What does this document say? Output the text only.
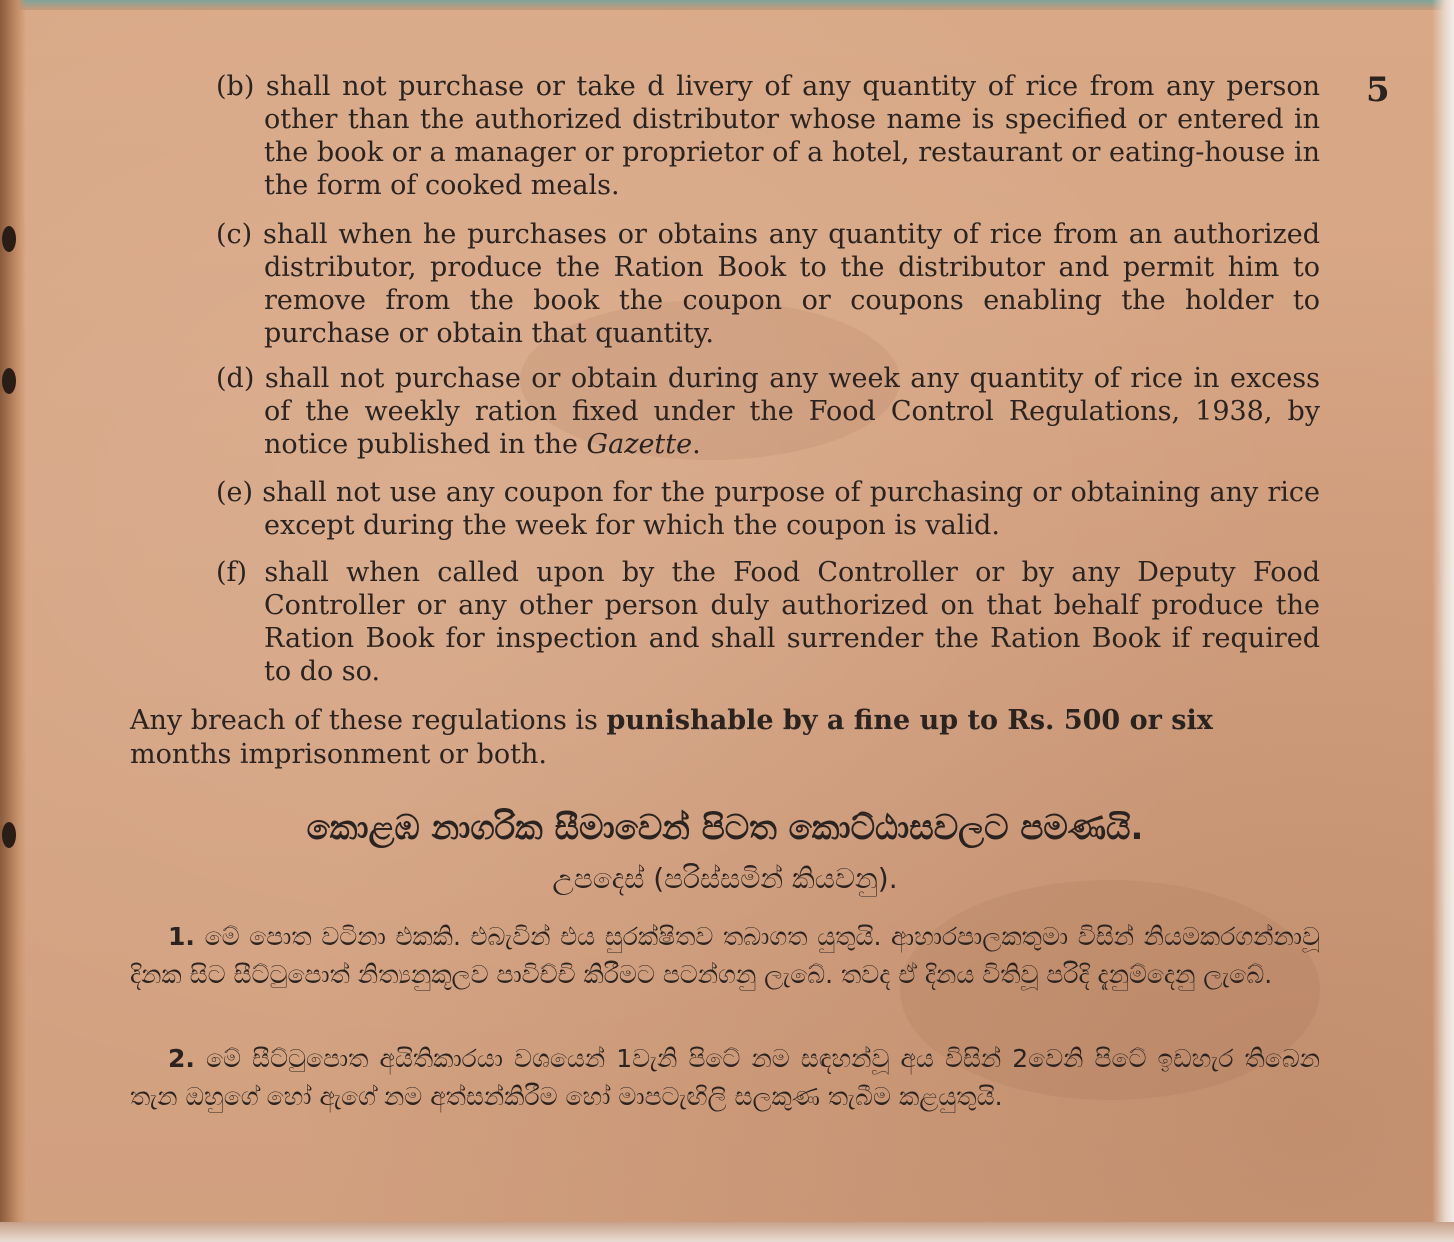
5
(b) shall not purchase or take d livery of any quantity of rice from any person other than the authorized distributor whose name is specified or entered in the book or a manager or proprietor of a hotel, restaurant or eating-house in the form of cooked meals.
(c) shall when he purchases or obtains any quantity of rice from an authorized distributor, produce the Ration Book to the distributor and permit him to remove from the book the coupon or coupons enabling the holder to purchase or obtain that quantity.
(d) shall not purchase or obtain during any week any quantity of rice in excess of the weekly ration fixed under the Food Control Regulations, 1938, by notice published in the Gazette.
(e) shall not use any coupon for the purpose of purchasing or obtaining any rice except during the week for which the coupon is valid.
(f) shall when called upon by the Food Controller or by any Deputy Food Controller or any other person duly authorized on that behalf produce the Ration Book for inspection and shall surrender the Ration Book if required to do so.
Any breach of these regulations is punishable by a fine up to Rs. 500 or six months imprisonment or both.
කොළඹ නාගරික සීමාවෙන් පිටත කොට්ඨාසවලට පමණයි.
උපදෙස් (පරිස්සමින් කියවනු).
1. මේ පොත වටිනා එකකි. එබැවින් එය සුරක්ෂිතව තබාගත යුතුයි. ආහාරපාලකතුමා විසින් නියමකරගන්නාවූ දිනක සිට සීට්ටුපොත් නිත්‍යනුකූලව පාවිච්චි කිරීමට පටන්ගනු ලැබේ. තවද ඒ දිනය විතිවූ පරිදි දැනුම්දෙනු ලැබේ.
2. මේ සීට්ටුපොත අයිතිකාරයා වශයෙන් 1වැනි පිටේ නම සඳහන්වූ අය විසින් 2වෙනි පිටේ ඉඩහැර තිබෙන තැන ඔහුගේ හෝ ඇගේ නම අත්සන්කිරීම හෝ මාපටැඟිලි සලකුණ තැබීම කළයුතුයි.
